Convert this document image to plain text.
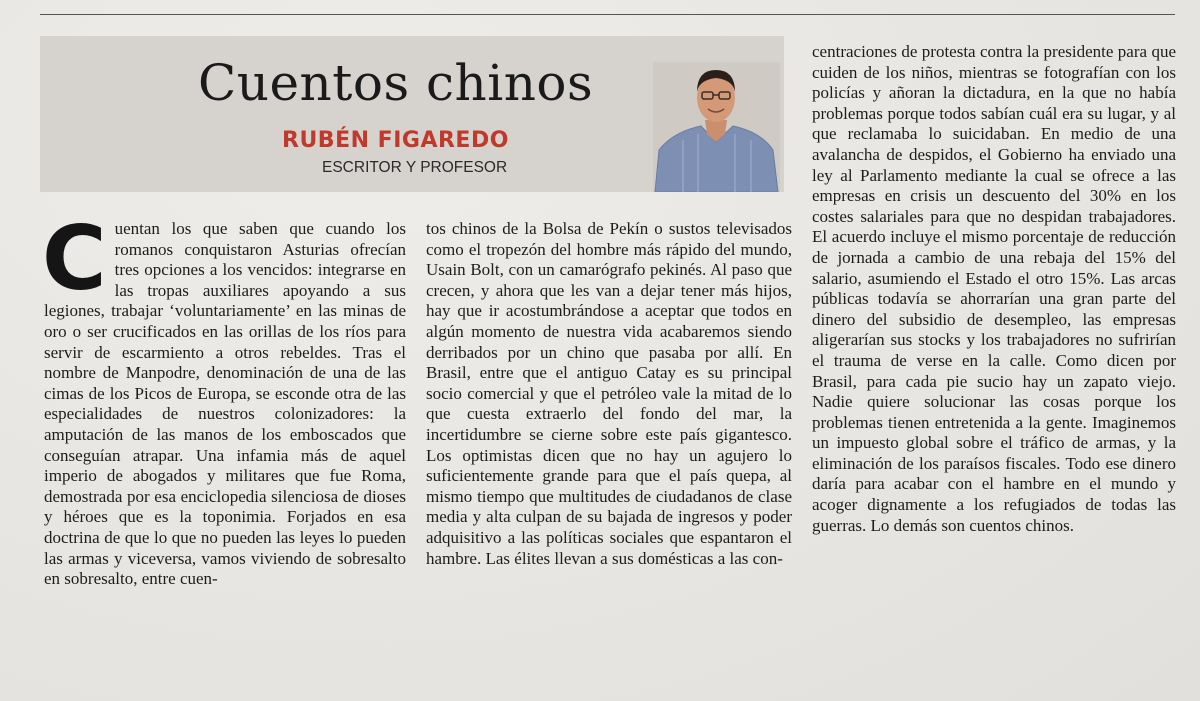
Cuentos chinos
RUBÉN FIGAREDO
ESCRITOR Y PROFESOR

C uentan los que saben que cuando los romanos conquistaron Asturias ofrecían tres opciones a los vencidos: integrarse en las tropas auxiliares apoyando a sus legiones, trabajar ‘voluntariamente’ en las minas de oro o ser crucificados en las orillas de los ríos para servir de escarmiento a otros rebeldes. Tras el nombre de Manpodre, denominación de una de las cimas de los Picos de Europa, se esconde otra de las especialidades de nuestros colonizadores: la amputación de las manos de los emboscados que conseguían atrapar. Una infamia más de aquel imperio de abogados y militares que fue Roma, demostrada por esa enciclopedia silenciosa de dioses y héroes que es la toponimia. Forjados en esa doctrina de que lo que no pueden las leyes lo pueden las armas y viceversa, vamos viviendo de sobresalto en sobresalto, entre cuen-

tos chinos de la Bolsa de Pekín o sustos televisados como el tropezón del hombre más rápido del mundo, Usain Bolt, con un camarógrafo pekinés. Al paso que crecen, y ahora que les van a dejar tener más hijos, hay que ir acostumbrándose a aceptar que todos en algún momento de nuestra vida acabaremos siendo derribados por un chino que pasaba por allí. En Brasil, entre que el antiguo Catay es su principal socio comercial y que el petróleo vale la mitad de lo que cuesta extraerlo del fondo del mar, la incertidumbre se cierne sobre este país gigantesco. Los optimistas dicen que no hay un agujero lo suficientemente grande para que el país quepa, al mismo tiempo que multitudes de ciudadanos de clase media y alta culpan de su bajada de ingresos y poder adquisitivo a las políticas sociales que espantaron el hambre. Las élites llevan a sus domésticas a las con-

centraciones de protesta contra la presidente para que cuiden de los niños, mientras se fotografían con los policías y añoran la dictadura, en la que no había problemas porque todos sabían cuál era su lugar, y al que reclamaba lo suicidaban. En medio de una avalancha de despidos, el Gobierno ha enviado una ley al Parlamento mediante la cual se ofrece a las empresas en crisis un descuento del 30% en los costes salariales para que no despidan trabajadores. El acuerdo incluye el mismo porcentaje de reducción de jornada a cambio de una rebaja del 15% del salario, asumiendo el Estado el otro 15%. Las arcas públicas todavía se ahorrarían una gran parte del dinero del subsidio de desempleo, las empresas aligerarían sus stocks y los trabajadores no sufrirían el trauma de verse en la calle. Como dicen por Brasil, para cada pie sucio hay un zapato viejo. Nadie quiere solucionar las cosas porque los problemas tienen entretenida a la gente. Imaginemos un impuesto global sobre el tráfico de armas, y la eliminación de los paraísos fiscales. Todo ese dinero daría para acabar con el hambre en el mundo y acoger dignamente a los refugiados de todas las guerras. Lo demás son cuentos chinos.
